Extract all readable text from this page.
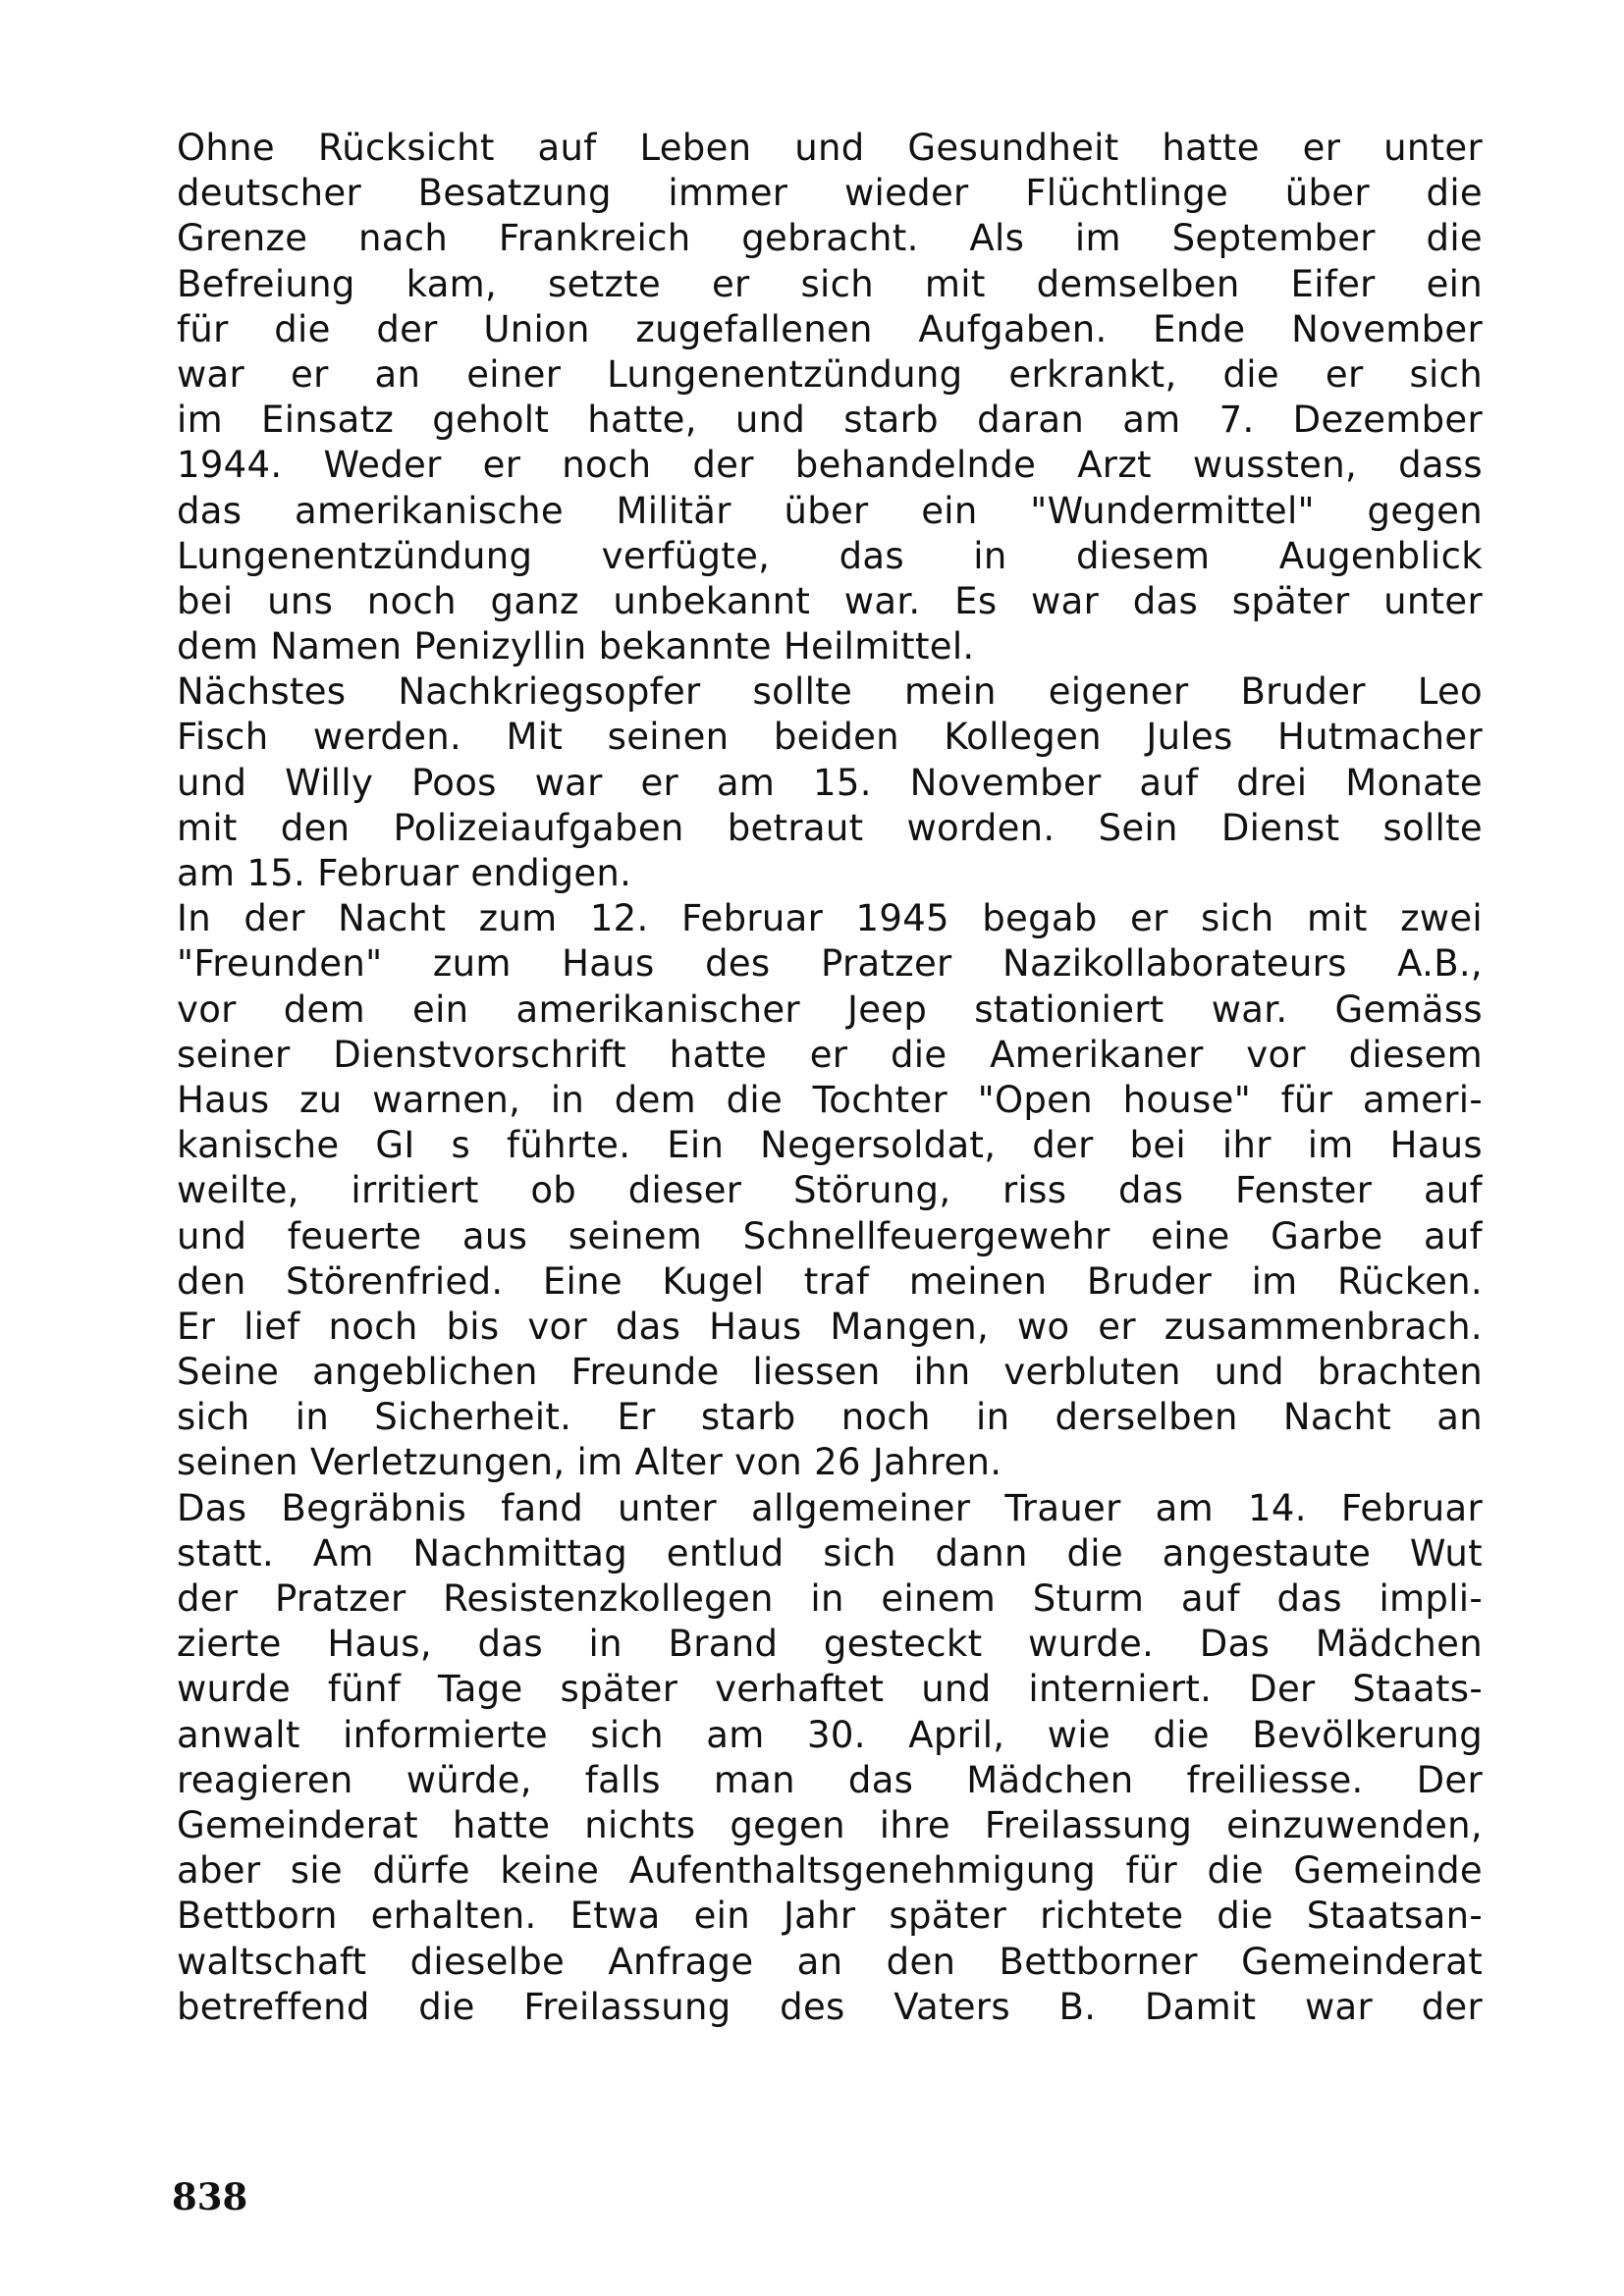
Ohne Rücksicht auf Leben und Gesundheit hatte er unter
deutscher Besatzung immer wieder Flüchtlinge über die
Grenze nach Frankreich gebracht. Als im September die
Befreiung kam, setzte er sich mit demselben Eifer ein
für die der Union zugefallenen Aufgaben. Ende November
war er an einer Lungenentzündung erkrankt, die er sich
im Einsatz geholt hatte, und starb daran am 7. Dezember
1944. Weder er noch der behandelnde Arzt wussten, dass
das amerikanische Militär über ein "Wundermittel" gegen
Lungenentzündung verfügte, das in diesem Augenblick
bei uns noch ganz unbekannt war. Es war das später unter
dem Namen Penizyllin bekannte Heilmittel.
Nächstes Nachkriegsopfer sollte mein eigener Bruder Leo
Fisch werden. Mit seinen beiden Kollegen Jules Hutmacher
und Willy Poos war er am 15. November auf drei Monate
mit den Polizeiaufgaben betraut worden. Sein Dienst sollte
am 15. Februar endigen.
In der Nacht zum 12. Februar 1945 begab er sich mit zwei
"Freunden" zum Haus des Pratzer Nazikollaborateurs A.B.,
vor dem ein amerikanischer Jeep stationiert war. Gemäss
seiner Dienstvorschrift hatte er die Amerikaner vor diesem
Haus zu warnen, in dem die Tochter "Open house" für ameri-
kanische GI s führte. Ein Negersoldat, der bei ihr im Haus
weilte, irritiert ob dieser Störung, riss das Fenster auf
und feuerte aus seinem Schnellfeuergewehr eine Garbe auf
den Störenfried. Eine Kugel traf meinen Bruder im Rücken.
Er lief noch bis vor das Haus Mangen, wo er zusammenbrach.
Seine angeblichen Freunde liessen ihn verbluten und brachten
sich in Sicherheit. Er starb noch in derselben Nacht an
seinen Verletzungen, im Alter von 26 Jahren.
Das Begräbnis fand unter allgemeiner Trauer am 14. Februar
statt. Am Nachmittag entlud sich dann die angestaute Wut
der Pratzer Resistenzkollegen in einem Sturm auf das impli-
zierte Haus, das in Brand gesteckt wurde. Das Mädchen
wurde fünf Tage später verhaftet und interniert. Der Staats-
anwalt informierte sich am 30. April, wie die Bevölkerung
reagieren würde, falls man das Mädchen freiliesse. Der
Gemeinderat hatte nichts gegen ihre Freilassung einzuwenden,
aber sie dürfe keine Aufenthaltsgenehmigung für die Gemeinde
Bettborn erhalten. Etwa ein Jahr später richtete die Staatsan-
waltschaft dieselbe Anfrage an den Bettborner Gemeinderat
betreffend die Freilassung des Vaters B. Damit war der
838
